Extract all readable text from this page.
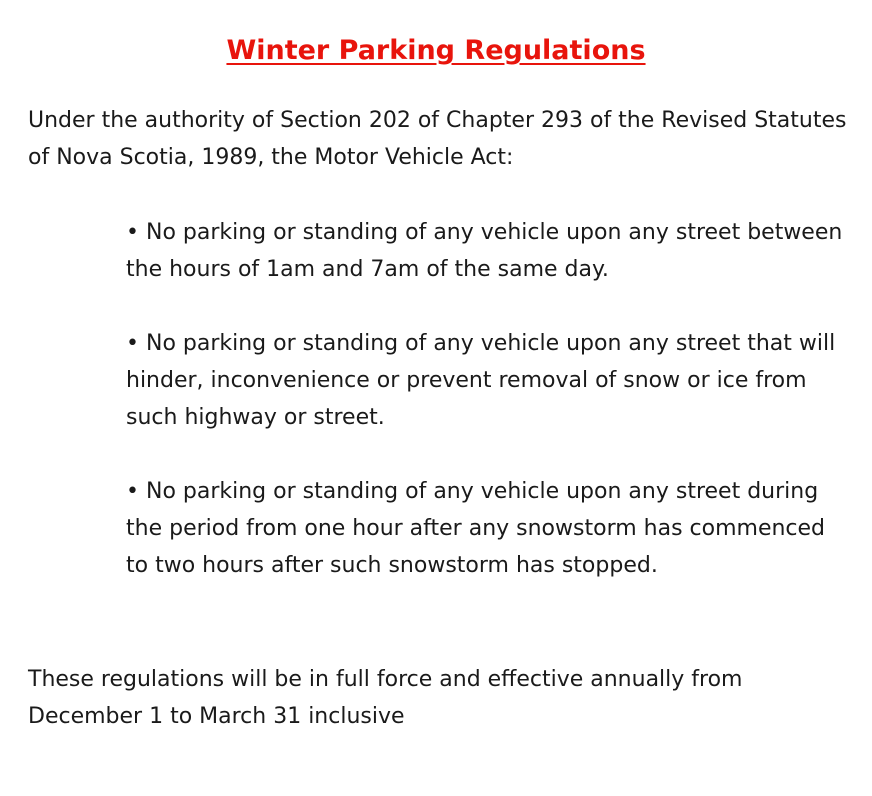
Winter Parking Regulations

Under the authority of Section 202 of Chapter 293 of the Revised Statutes of Nova Scotia, 1989, the Motor Vehicle Act:

• No parking or standing of any vehicle upon any street between the hours of 1am and 7am of the same day.
• No parking or standing of any vehicle upon any street that will hinder, inconvenience or prevent removal of snow or ice from such highway or street.
• No parking or standing of any vehicle upon any street during the period from one hour after any snowstorm has commenced to two hours after such snowstorm has stopped.

These regulations will be in full force and effective annually from December 1 to March 31 inclusive
